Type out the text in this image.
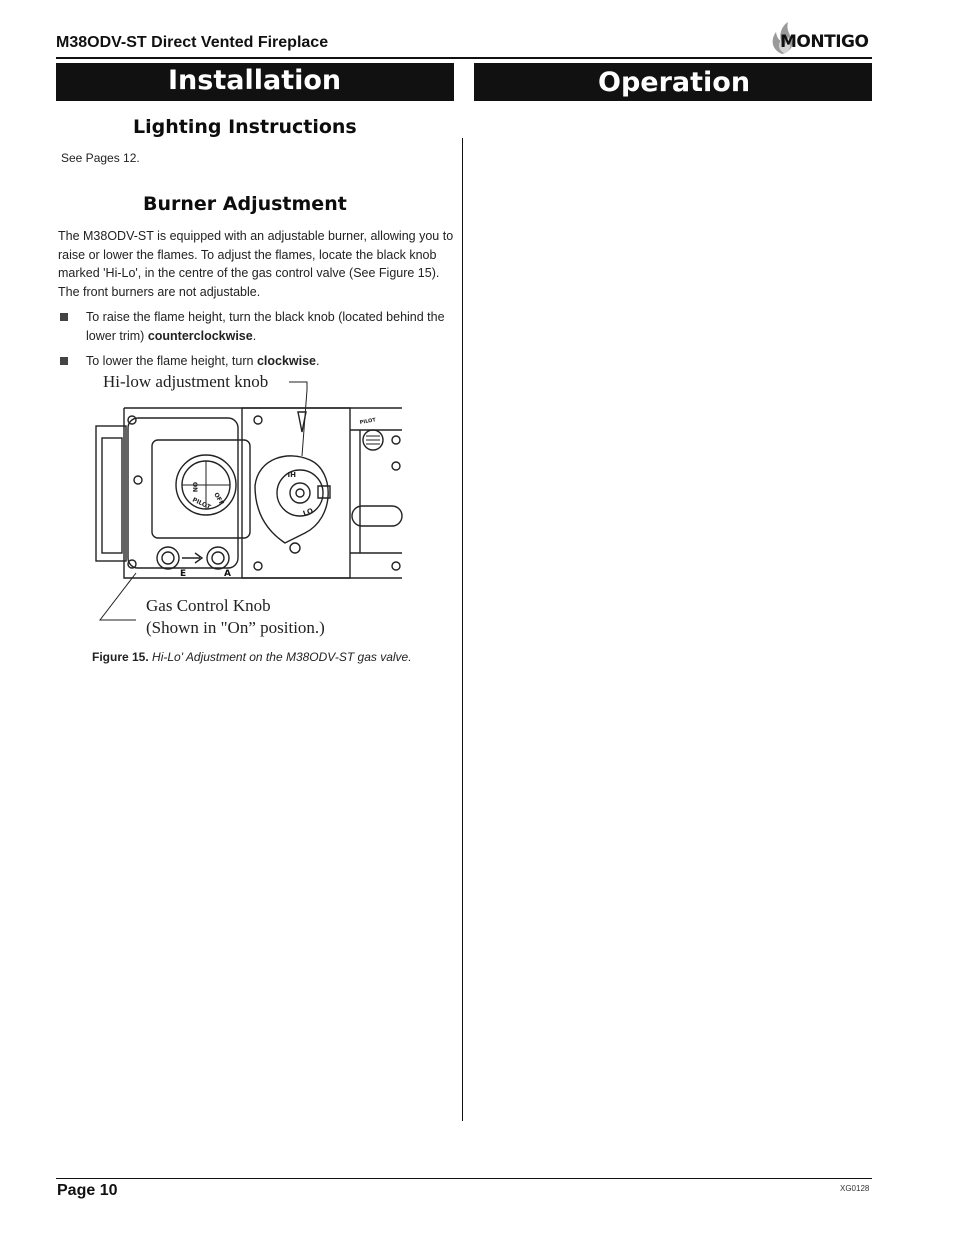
M38ODV-ST Direct Vented Fireplace	MONTIGO
Installation	Operation
Lighting Instructions
See Pages 12.
Burner Adjustment
The M38ODV-ST is equipped with an adjustable burner, allowing you to raise or lower the flames. To adjust the flames, locate the black knob marked 'Hi-Lo', in the centre of the gas control valve (See Figure 15). The front burners are not adjustable.
To raise the flame height, turn the black knob (located behind the lower trim) counterclockwise.
To lower the flame height, turn clockwise.
ON
OFF
PILOT
HI
LO
PILOT
E	A
Hi-low adjustment knob
Gas Control Knob
(Shown in "On” position.)
Figure 15. Hi-Lo' Adjustment on the M38ODV-ST gas valve.
Page 10	XG0128
